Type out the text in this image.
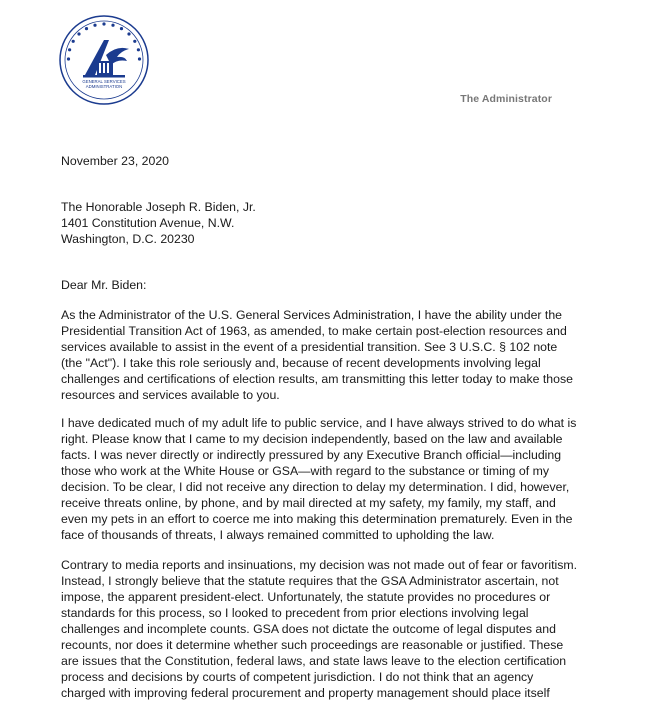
GENERAL SERVICES
ADMINISTRATION
The Administrator
November 23, 2020
The Honorable Joseph R. Biden, Jr.
1401 Constitution Avenue, N.W.
Washington, D.C. 20230
Dear Mr. Biden:
As the Administrator of the U.S. General Services Administration, I have the ability under the
Presidential Transition Act of 1963, as amended, to make certain post-election resources and
services available to assist in the event of a presidential transition. See 3 U.S.C. § 102 note
(the "Act"). I take this role seriously and, because of recent developments involving legal
challenges and certifications of election results, am transmitting this letter today to make those
resources and services available to you.
I have dedicated much of my adult life to public service, and I have always strived to do what is
right. Please know that I came to my decision independently, based on the law and available
facts. I was never directly or indirectly pressured by any Executive Branch official—including
those who work at the White House or GSA—with regard to the substance or timing of my
decision. To be clear, I did not receive any direction to delay my determination. I did, however,
receive threats online, by phone, and by mail directed at my safety, my family, my staff, and
even my pets in an effort to coerce me into making this determination prematurely. Even in the
face of thousands of threats, I always remained committed to upholding the law.
Contrary to media reports and insinuations, my decision was not made out of fear or favoritism.
Instead, I strongly believe that the statute requires that the GSA Administrator ascertain, not
impose, the apparent president-elect. Unfortunately, the statute provides no procedures or
standards for this process, so I looked to precedent from prior elections involving legal
challenges and incomplete counts. GSA does not dictate the outcome of legal disputes and
recounts, nor does it determine whether such proceedings are reasonable or justified. These
are issues that the Constitution, federal laws, and state laws leave to the election certification
process and decisions by courts of competent jurisdiction. I do not think that an agency
charged with improving federal procurement and property management should place itself
